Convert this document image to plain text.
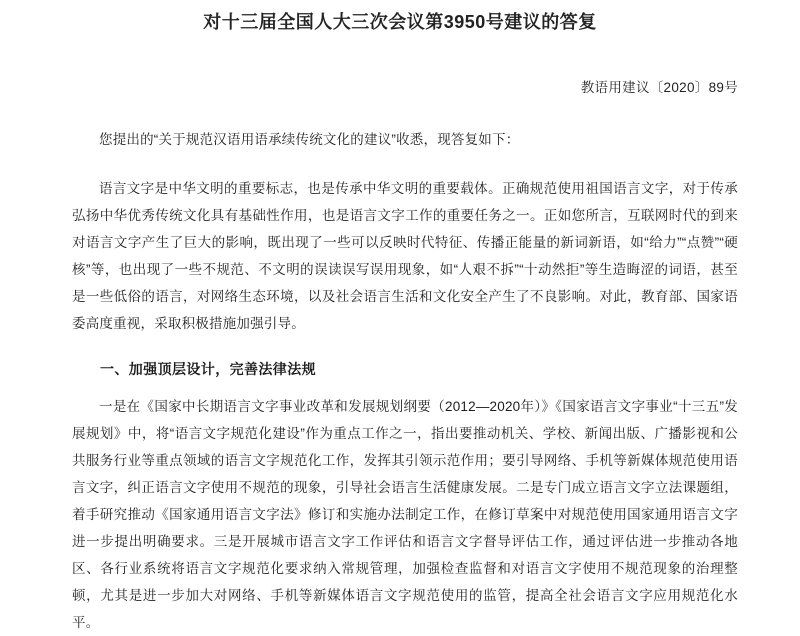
对十三届全国人大三次会议第3950号建议的答复
教语用建议〔2020〕89号

您提出的“关于规范汉语用语承续传统文化的建议”收悉，现答复如下：

语言文字是中华文明的重要标志，也是传承中华文明的重要载体。正确规范使用祖国语言文字，对于传承弘扬中华优秀传统文化具有基础性作用，也是语言文字工作的重要任务之一。正如您所言，互联网时代的到来对语言文字产生了巨大的影响，既出现了一些可以反映时代特征、传播正能量的新词新语，如“给力”“点赞”“硬核”等，也出现了一些不规范、不文明的误读误写误用现象，如“人艰不拆”“十动然拒”等生造晦涩的词语，甚至是一些低俗的语言，对网络生态环境，以及社会语言生活和文化安全产生了不良影响。对此，教育部、国家语委高度重视，采取积极措施加强引导。

一、加强顶层设计，完善法律法规

一是在《国家中长期语言文字事业改革和发展规划纲要（2012—2020年）》《国家语言文字事业“十三五”发展规划》中，将“语言文字规范化建设”作为重点工作之一，指出要推动机关、学校、新闻出版、广播影视和公共服务行业等重点领域的语言文字规范化工作，发挥其引领示范作用；要引导网络、手机等新媒体规范使用语言文字，纠正语言文字使用不规范的现象，引导社会语言生活健康发展。二是专门成立语言文字立法课题组，着手研究推动《国家通用语言文字法》修订和实施办法制定工作，在修订草案中对规范使用国家通用语言文字进一步提出明确要求。三是开展城市语言文字工作评估和语言文字督导评估工作，通过评估进一步推动各地区、各行业系统将语言文字规范化要求纳入常规管理，加强检查监督和对语言文字使用不规范现象的治理整顿，尤其是进一步加大对网络、手机等新媒体语言文字规范使用的监管，提高全社会语言文字应用规范化水平。
